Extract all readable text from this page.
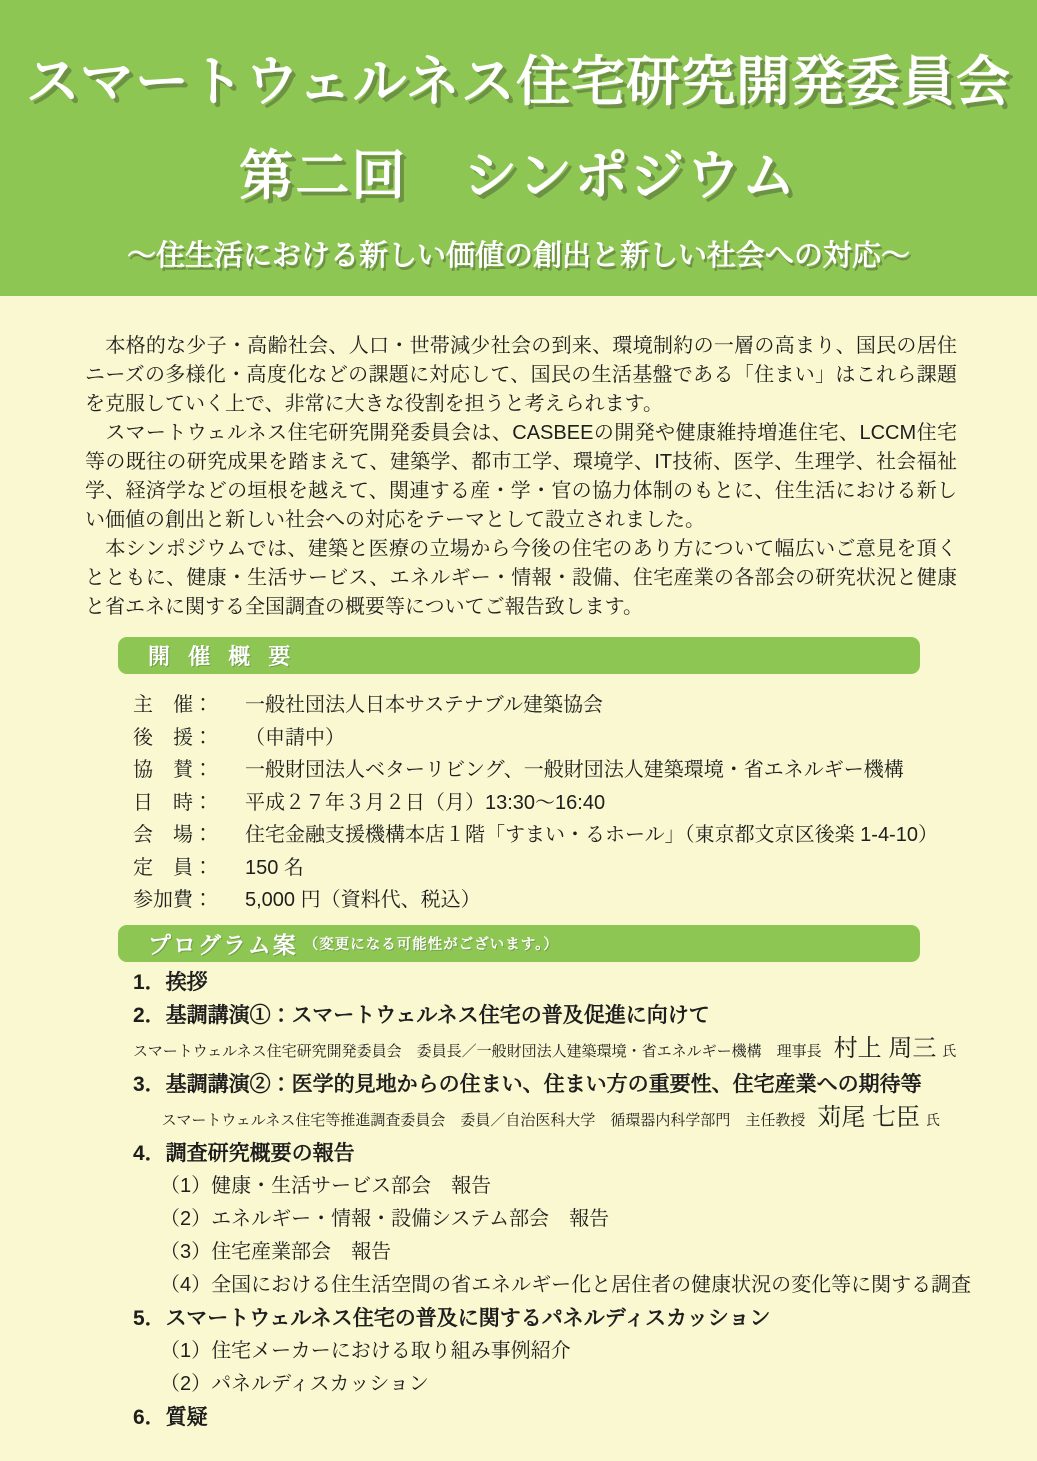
スマートウェルネス住宅研究開発委員会
第二回　シンポジウム
～住生活における新しい価値の創出と新しい社会への対応～

　本格的な少子・高齢社会、人口・世帯減少社会の到来、環境制約の一層の高まり、国民の居住ニーズの多様化・高度化などの課題に対応して、国民の生活基盤である「住まい」はこれら課題を克服していく上で、非常に大きな役割を担うと考えられます。

　スマートウェルネス住宅研究開発委員会は、CASBEEの開発や健康維持増進住宅、LCCM住宅等の既往の研究成果を踏まえて、建築学、都市工学、環境学、IT技術、医学、生理学、社会福祉学、経済学などの垣根を越えて、関連する産・学・官の協力体制のもとに、住生活における新しい価値の創出と新しい社会への対応をテーマとして設立されました。

　本シンポジウムでは、建築と医療の立場から今後の住宅のあり方について幅広いご意見を頂くとともに、健康・生活サービス、エネルギー・情報・設備、住宅産業の各部会の研究状況と健康と省エネに関する全国調査の概要等についてご報告致します。

開 催 概 要
主　催：	一般社団法人日本サステナブル建築協会
後　援：	（申請中）
協　賛：	一般財団法人ベターリビング、一般財団法人建築環境・省エネルギー機構
日　時：	平成２７年３月２日（月）13:30～16:40
会　場：	住宅金融支援機構本店１階「すまい・るホール」（東京都文京区後楽 1-4-10）
定　員：	150 名
参加費：	5,000 円（資料代、税込）
プログラム案 （変更になる可能性がございます。）
1．挨拶
2．基調講演①：スマートウェルネス住宅の普及促進に向けて
スマートウェルネス住宅研究開発委員会　委員長／一般財団法人建築環境・省エネルギー機構　理事長 村上 周三 氏
3．基調講演②：医学的見地からの住まい、住まい方の重要性、住宅産業への期待等
スマートウェルネス住宅等推進調査委員会　委員／自治医科大学　循環器内科学部門　主任教授 苅尾 七臣 氏
4．調査研究概要の報告
（1）健康・生活サービス部会　報告
（2）エネルギー・情報・設備システム部会　報告
（3）住宅産業部会　報告
（4）全国における住生活空間の省エネルギー化と居住者の健康状況の変化等に関する調査
5．スマートウェルネス住宅の普及に関するパネルディスカッション
（1）住宅メーカーにおける取り組み事例紹介
（2）パネルディスカッション
6．質疑
